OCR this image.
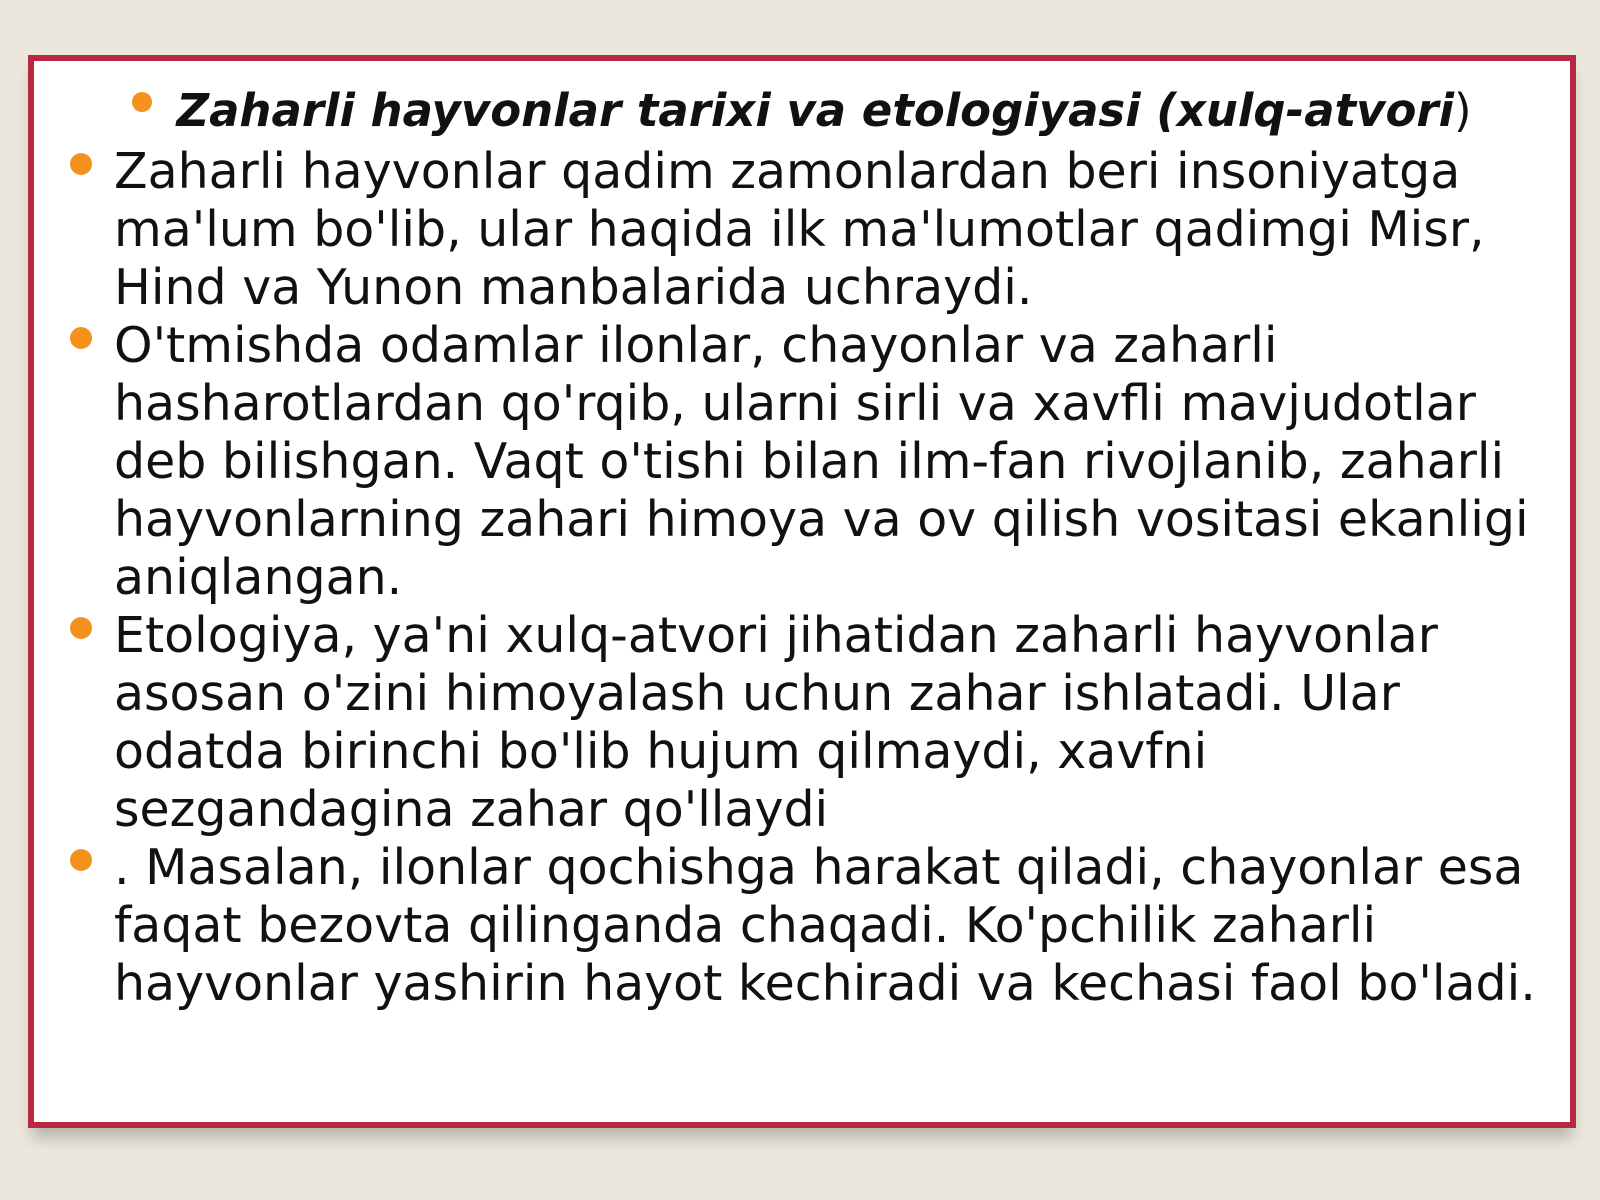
Zaharli hayvonlar tarixi va etologiyasi (xulq-atvori)
Zaharli hayvonlar qadim zamonlardan beri insoniyatga ma'lum bo'lib, ular haqida ilk ma'lumotlar qadimgi Misr, Hind va Yunon manbalarida uchraydi.
O'tmishda odamlar ilonlar, chayonlar va zaharli hasharotlardan qo'rqib, ularni sirli va xavfli mavjudotlar deb bilishgan. Vaqt o'tishi bilan ilm-fan rivojlanib, zaharli hayvonlarning zahari himoya va ov qilish vositasi ekanligi aniqlangan.
Etologiya, ya'ni xulq-atvori jihatidan zaharli hayvonlar asosan o'zini himoyalash uchun zahar ishlatadi. Ular odatda birinchi bo'lib hujum qilmaydi, xavfni sezgandagina zahar qo'llaydi
. Masalan, ilonlar qochishga harakat qiladi, chayonlar esa faqat bezovta qilinganda chaqadi. Ko'pchilik zaharli hayvonlar yashirin hayot kechiradi va kechasi faol bo'ladi.
